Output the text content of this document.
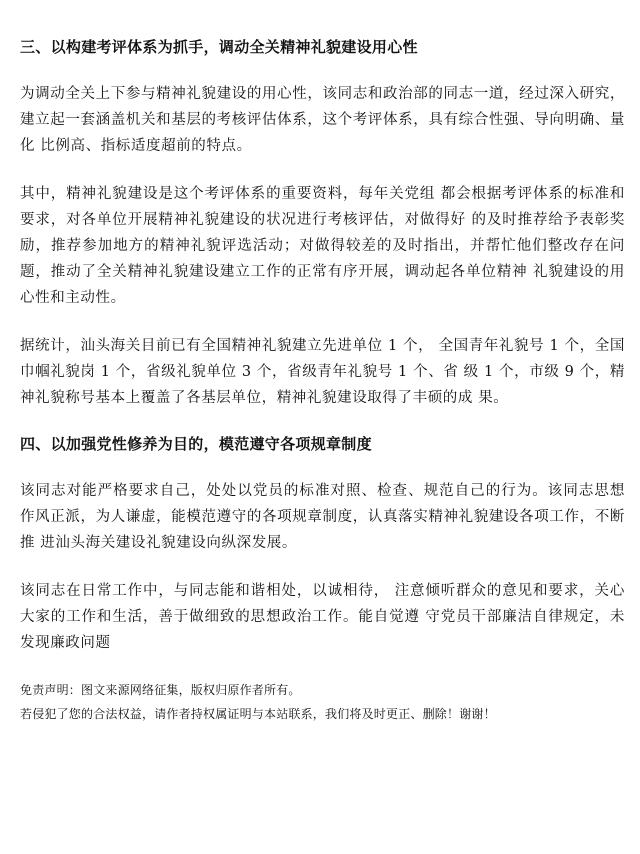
三、以构建考评体系为抓手，调动全关精神礼貌建设用心性

为调动全关上下参与精神礼貌建设的用心性，该同志和政治部的同志一道，经过深入研究， 建立起一套涵盖机关和基层的考核评估体系，这个考评体系，具有综合性强、导向明确、量化 比例高、指标适度超前的特点。

其中，精神礼貌建设是这个考评体系的重要资料，每年关党组 都会根据考评体系的标准和要求，对各单位开展精神礼貌建设的状况进行考核评估，对做得好 的及时推荐给予表彰奖励，推荐参加地方的精神礼貌评选活动；对做得较差的及时指出，并帮忙他们整改存在问题，推动了全关精神礼貌建设建立工作的正常有序开展，调动起各单位精神 礼貌建设的用心性和主动性。

据统计，汕头海关目前已有全国精神礼貌建立先进单位 1 个， 全国青年礼貌号 1 个，全国巾帼礼貌岗 1 个，省级礼貌单位 3 个，省级青年礼貌号 1 个、省 级 1 个，市级 9 个，精神礼貌称号基本上覆盖了各基层单位，精神礼貌建设取得了丰硕的成 果。

四、以加强党性修养为目的，模范遵守各项规章制度

该同志对能严格要求自己，处处以党员的标准对照、检查、规范自己的行为。该同志思想 作风正派，为人谦虚，能模范遵守的各项规章制度，认真落实精神礼貌建设各项工作，不断推 进汕头海关建设礼貌建设向纵深发展。

该同志在日常工作中，与同志能和谐相处，以诚相待， 注意倾听群众的意见和要求，关心大家的工作和生活，善于做细致的思想政治工作。能自觉遵 守党员干部廉洁自律规定，未发现廉政问题

免责声明：图文来源网络征集，版权归原作者所有。
若侵犯了您的合法权益，请作者持权属证明与本站联系，我们将及时更正、删除！谢谢！
